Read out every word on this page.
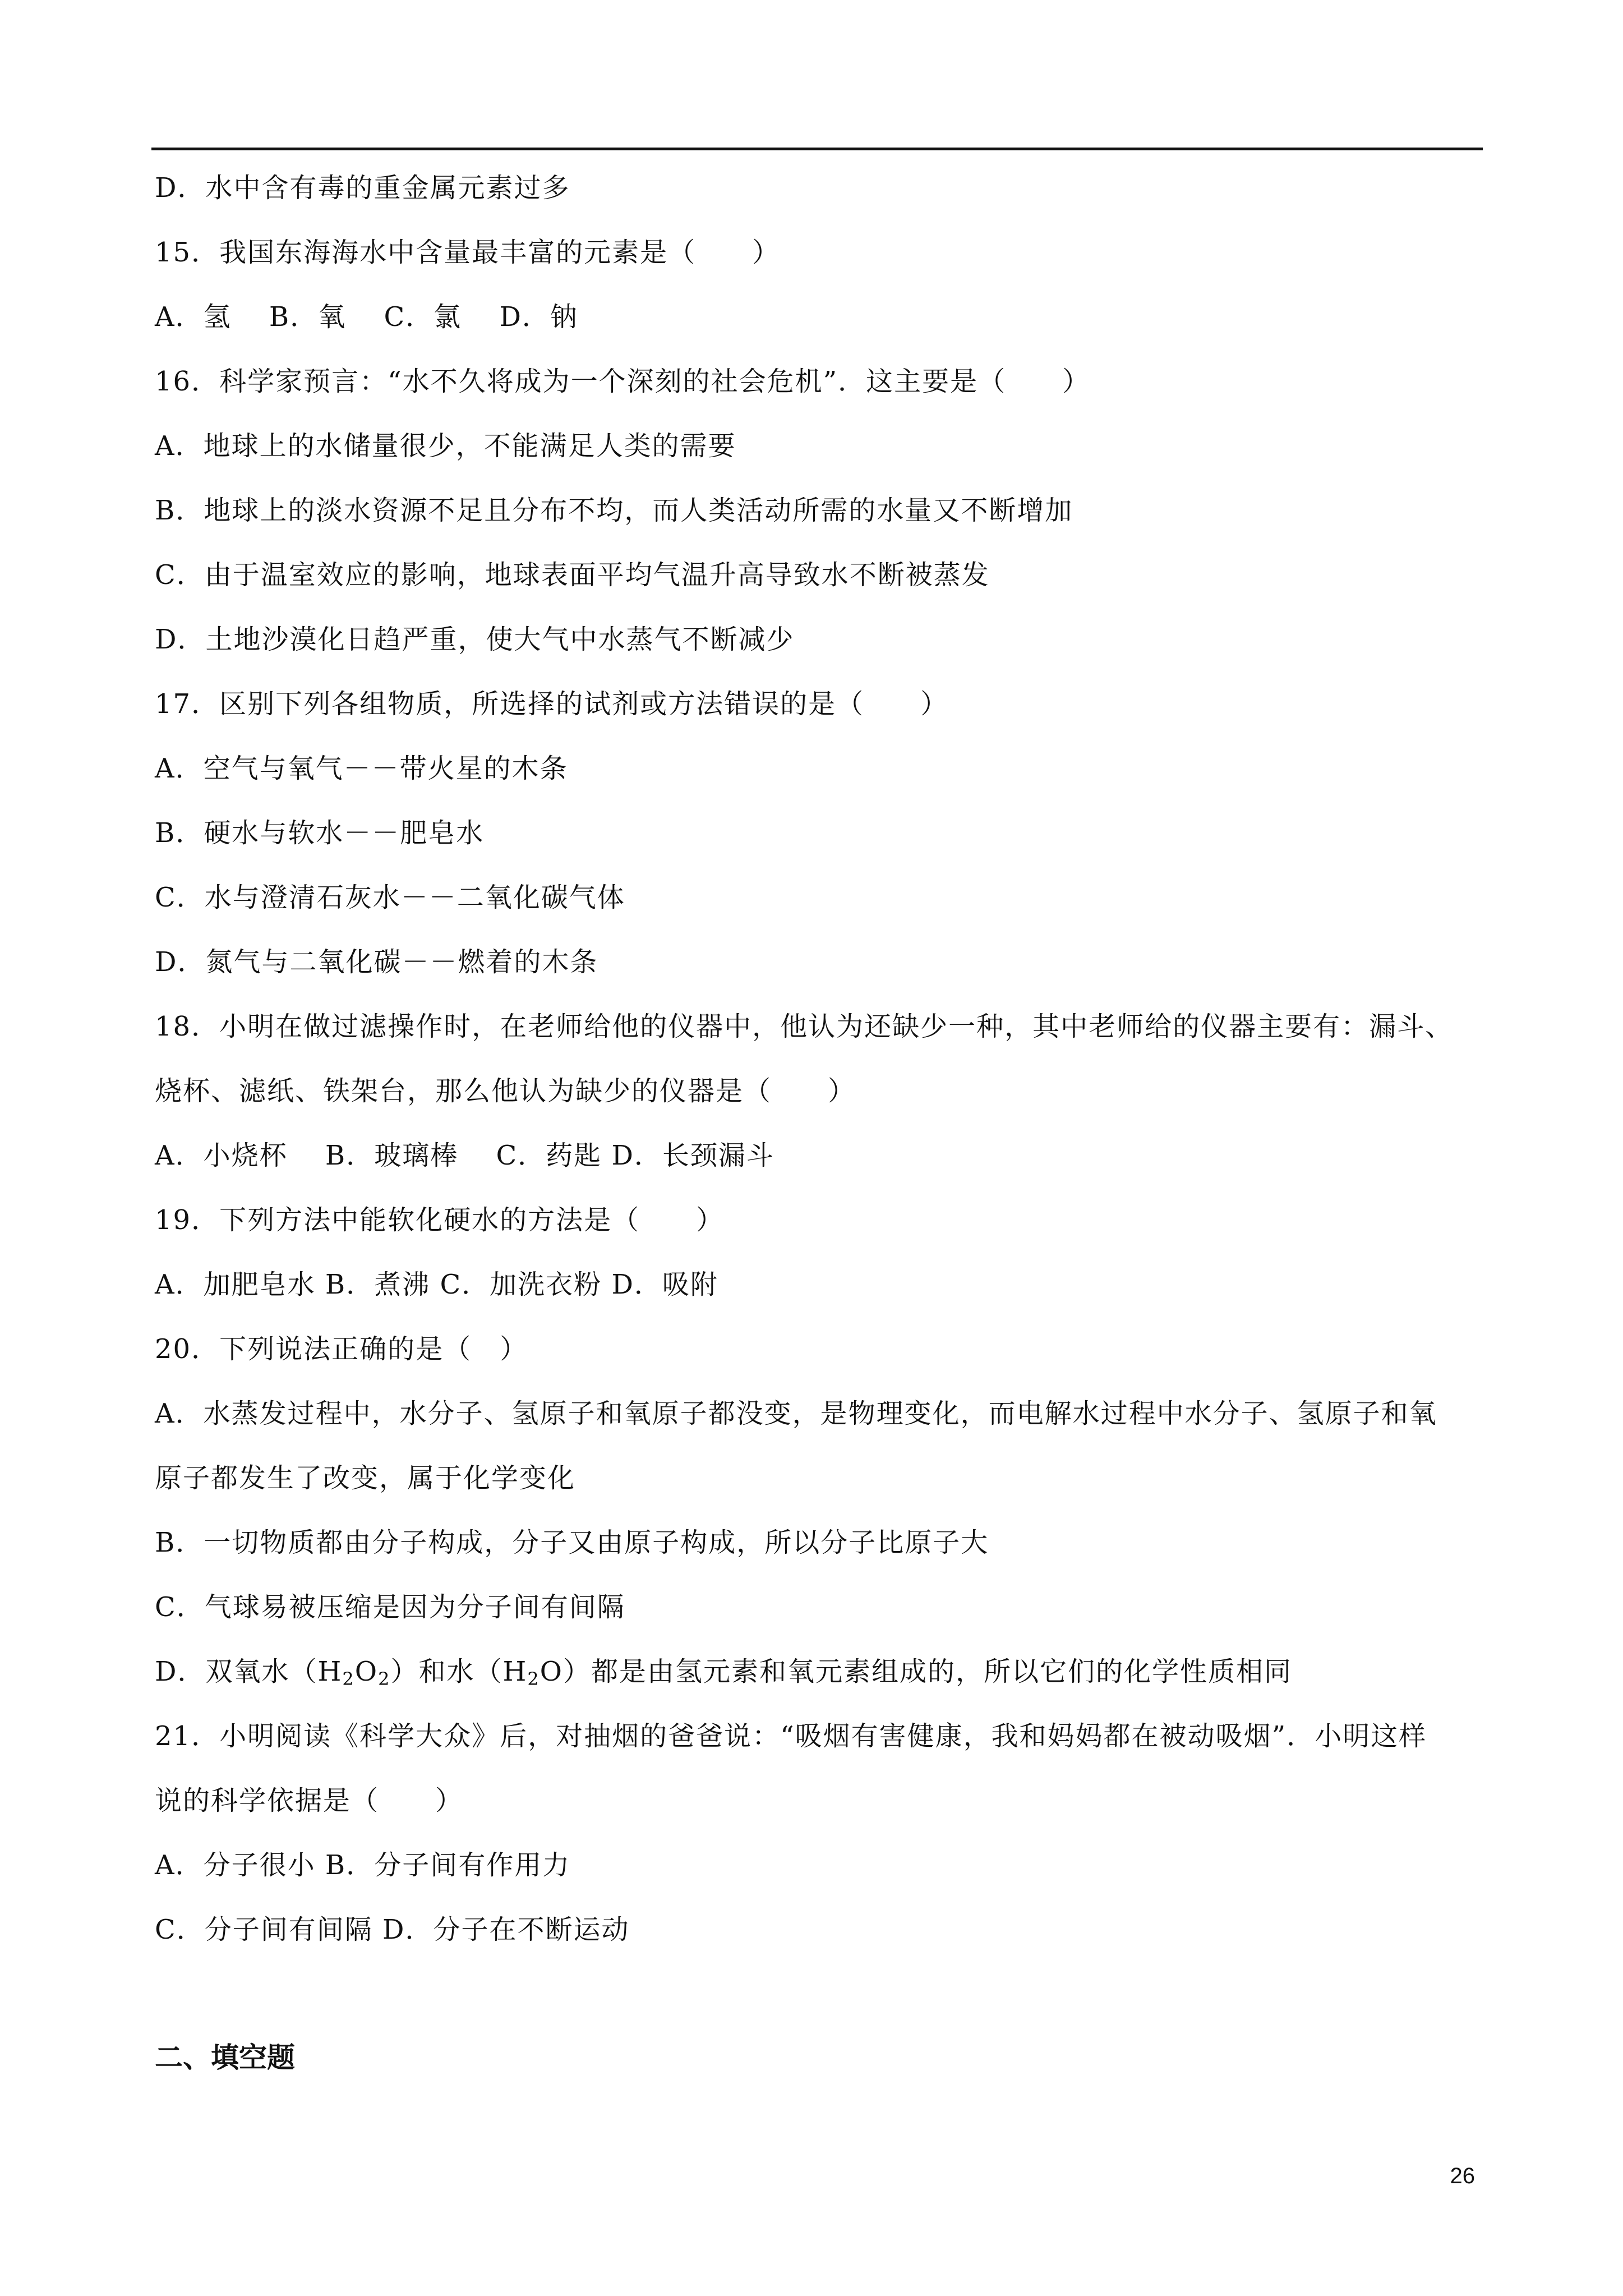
D．水中含有毒的重金属元素过多
15．我国东海海水中含量最丰富的元素是（　　）
A．氢　 B．氧　 C．氯　 D．钠
16．科学家预言：“水不久将成为一个深刻的社会危机”．这主要是（　　）
A．地球上的水储量很少，不能满足人类的需要
B．地球上的淡水资源不足且分布不均，而人类活动所需的水量又不断增加
C．由于温室效应的影响，地球表面平均气温升高导致水不断被蒸发
D．土地沙漠化日趋严重，使大气中水蒸气不断减少
17．区别下列各组物质，所选择的试剂或方法错误的是（　　）
A．空气与氧气－－带火星的木条
B．硬水与软水－－肥皂水
C．水与澄清石灰水－－二氧化碳气体
D．氮气与二氧化碳－－燃着的木条
18．小明在做过滤操作时，在老师给他的仪器中，他认为还缺少一种，其中老师给的仪器主要有：漏斗、
烧杯、滤纸、铁架台，那么他认为缺少的仪器是（　　）
A．小烧杯　 B．玻璃棒　 C．药匙 D．长颈漏斗
19．下列方法中能软化硬水的方法是（　　）
A．加肥皂水 B．煮沸 C．加洗衣粉 D．吸附
20．下列说法正确的是（　）
A．水蒸发过程中，水分子、氢原子和氧原子都没变，是物理变化，而电解水过程中水分子、氢原子和氧
原子都发生了改变，属于化学变化
B．一切物质都由分子构成，分子又由原子构成，所以分子比原子大
C．气球易被压缩是因为分子间有间隔
D．双氧水$(H_2O_2)$和水$(H_2O)$都是由氢元素和氧元素组成的，所以它们的化学性质相同
21．小明阅读《科学大众》后，对抽烟的爸爸说：“吸烟有害健康，我和妈妈都在被动吸烟”．小明这样
说的科学依据是（　　）
A．分子很小 B．分子间有作用力
C．分子间有间隔 D．分子在不断运动
二、填空题
26
